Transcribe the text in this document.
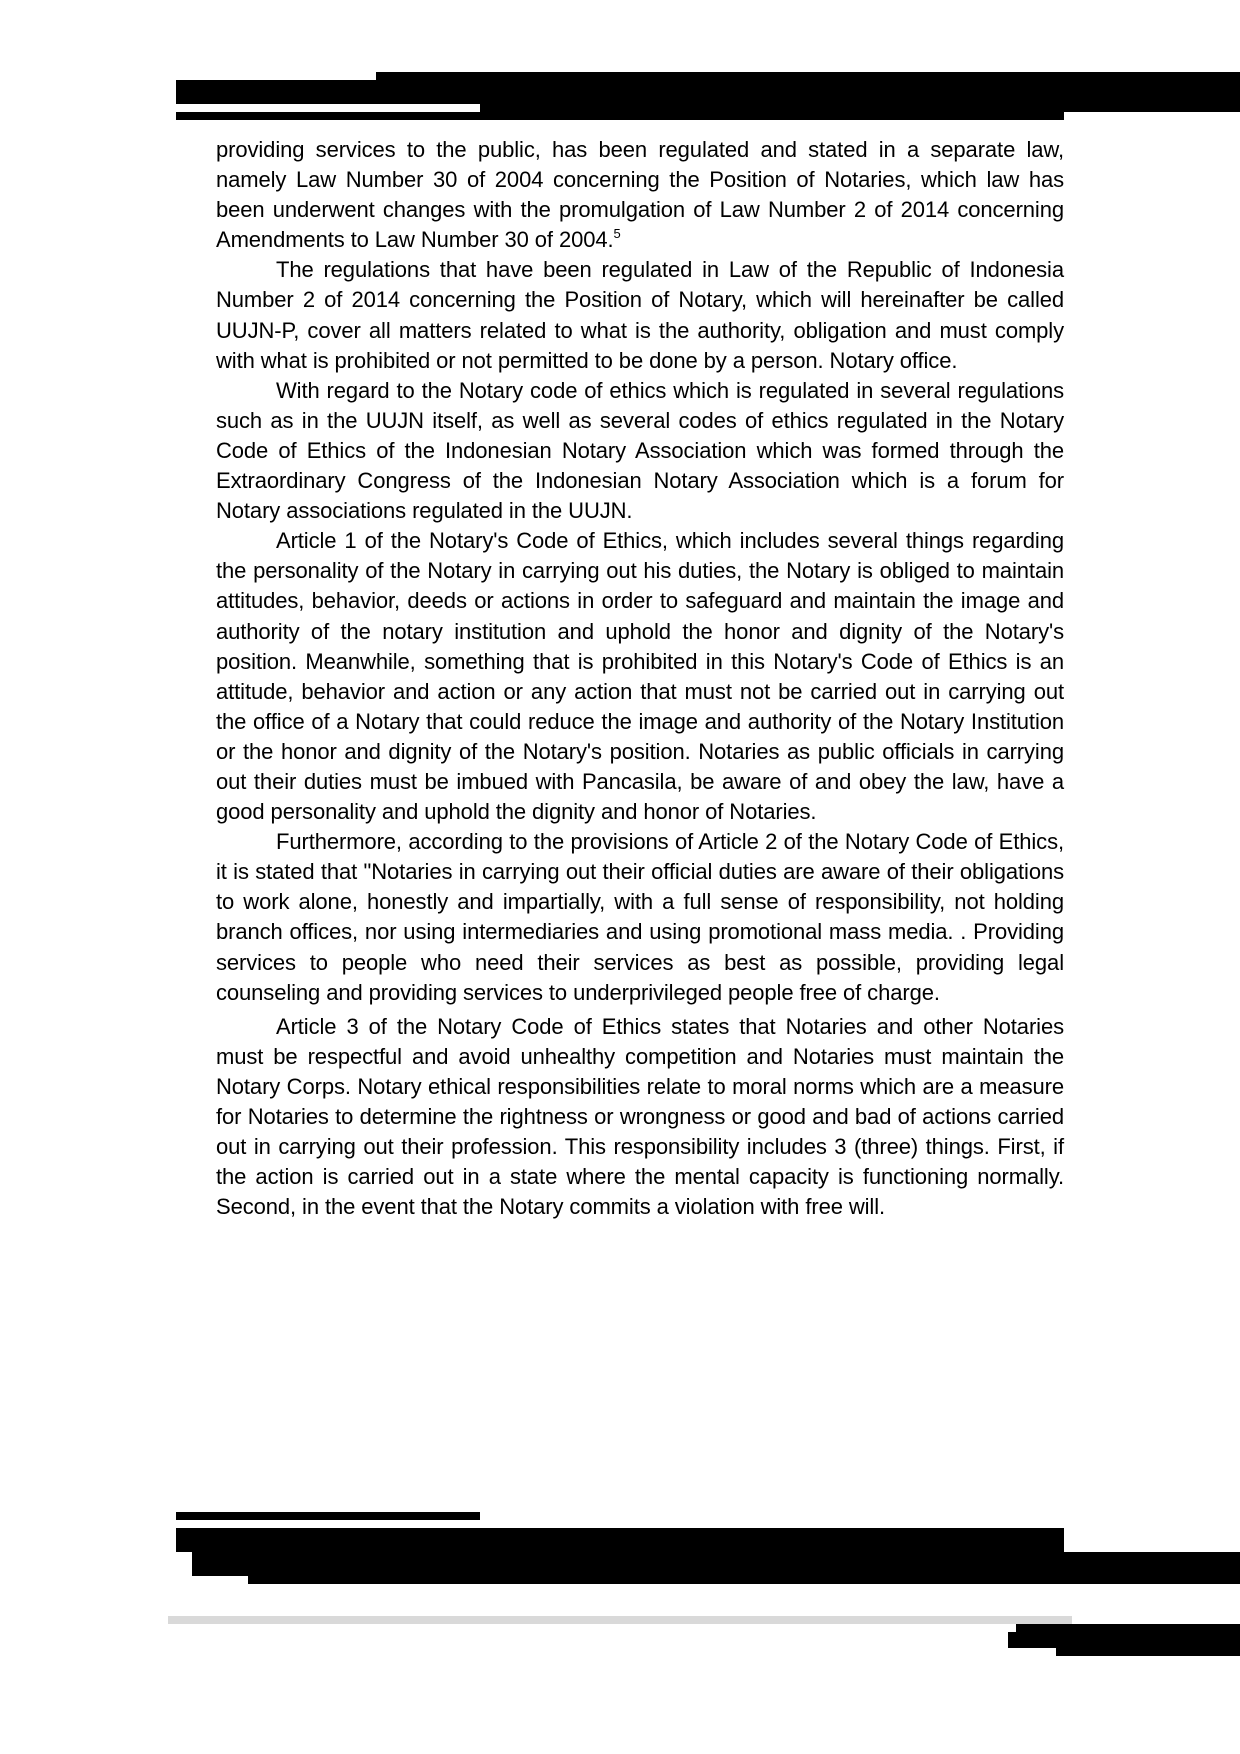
providing services to the public, has been regulated and stated in a separate law, namely Law Number 30 of 2004 concerning the Position of Notaries, which law has been underwent changes with the promulgation of Law Number 2 of 2014 concerning Amendments to Law Number 30 of 2004.$^5$

The regulations that have been regulated in Law of the Republic of Indonesia Number 2 of 2014 concerning the Position of Notary, which will hereinafter be called UUJN-P, cover all matters related to what is the authority, obligation and must comply with what is prohibited or not permitted to be done by a person. Notary office.

With regard to the Notary code of ethics which is regulated in several regulations such as in the UUJN itself, as well as several codes of ethics regulated in the Notary Code of Ethics of the Indonesian Notary Association which was formed through the Extraordinary Congress of the Indonesian Notary Association which is a forum for Notary associations regulated in the UUJN.

Article 1 of the Notary's Code of Ethics, which includes several things regarding the personality of the Notary in carrying out his duties, the Notary is obliged to maintain attitudes, behavior, deeds or actions in order to safeguard and maintain the image and authority of the notary institution and uphold the honor and dignity of the Notary's position. Meanwhile, something that is prohibited in this Notary's Code of Ethics is an attitude, behavior and action or any action that must not be carried out in carrying out the office of a Notary that could reduce the image and authority of the Notary Institution or the honor and dignity of the Notary's position. Notaries as public officials in carrying out their duties must be imbued with Pancasila, be aware of and obey the law, have a good personality and uphold the dignity and honor of Notaries.

Furthermore, according to the provisions of Article 2 of the Notary Code of Ethics, it is stated that "Notaries in carrying out their official duties are aware of their obligations to work alone, honestly and impartially, with a full sense of responsibility, not holding branch offices, nor using intermediaries and using promotional mass media. . Providing services to people who need their services as best as possible, providing legal counseling and providing services to underprivileged people free of charge.

Article 3 of the Notary Code of Ethics states that Notaries and other Notaries must be respectful and avoid unhealthy competition and Notaries must maintain the Notary Corps. Notary ethical responsibilities relate to moral norms which are a measure for Notaries to determine the rightness or wrongness or good and bad of actions carried out in carrying out their profession. This responsibility includes 3 (three) things. First, if the action is carried out in a state where the mental capacity is functioning normally. Second, in the event that the Notary commits a violation with free will.
